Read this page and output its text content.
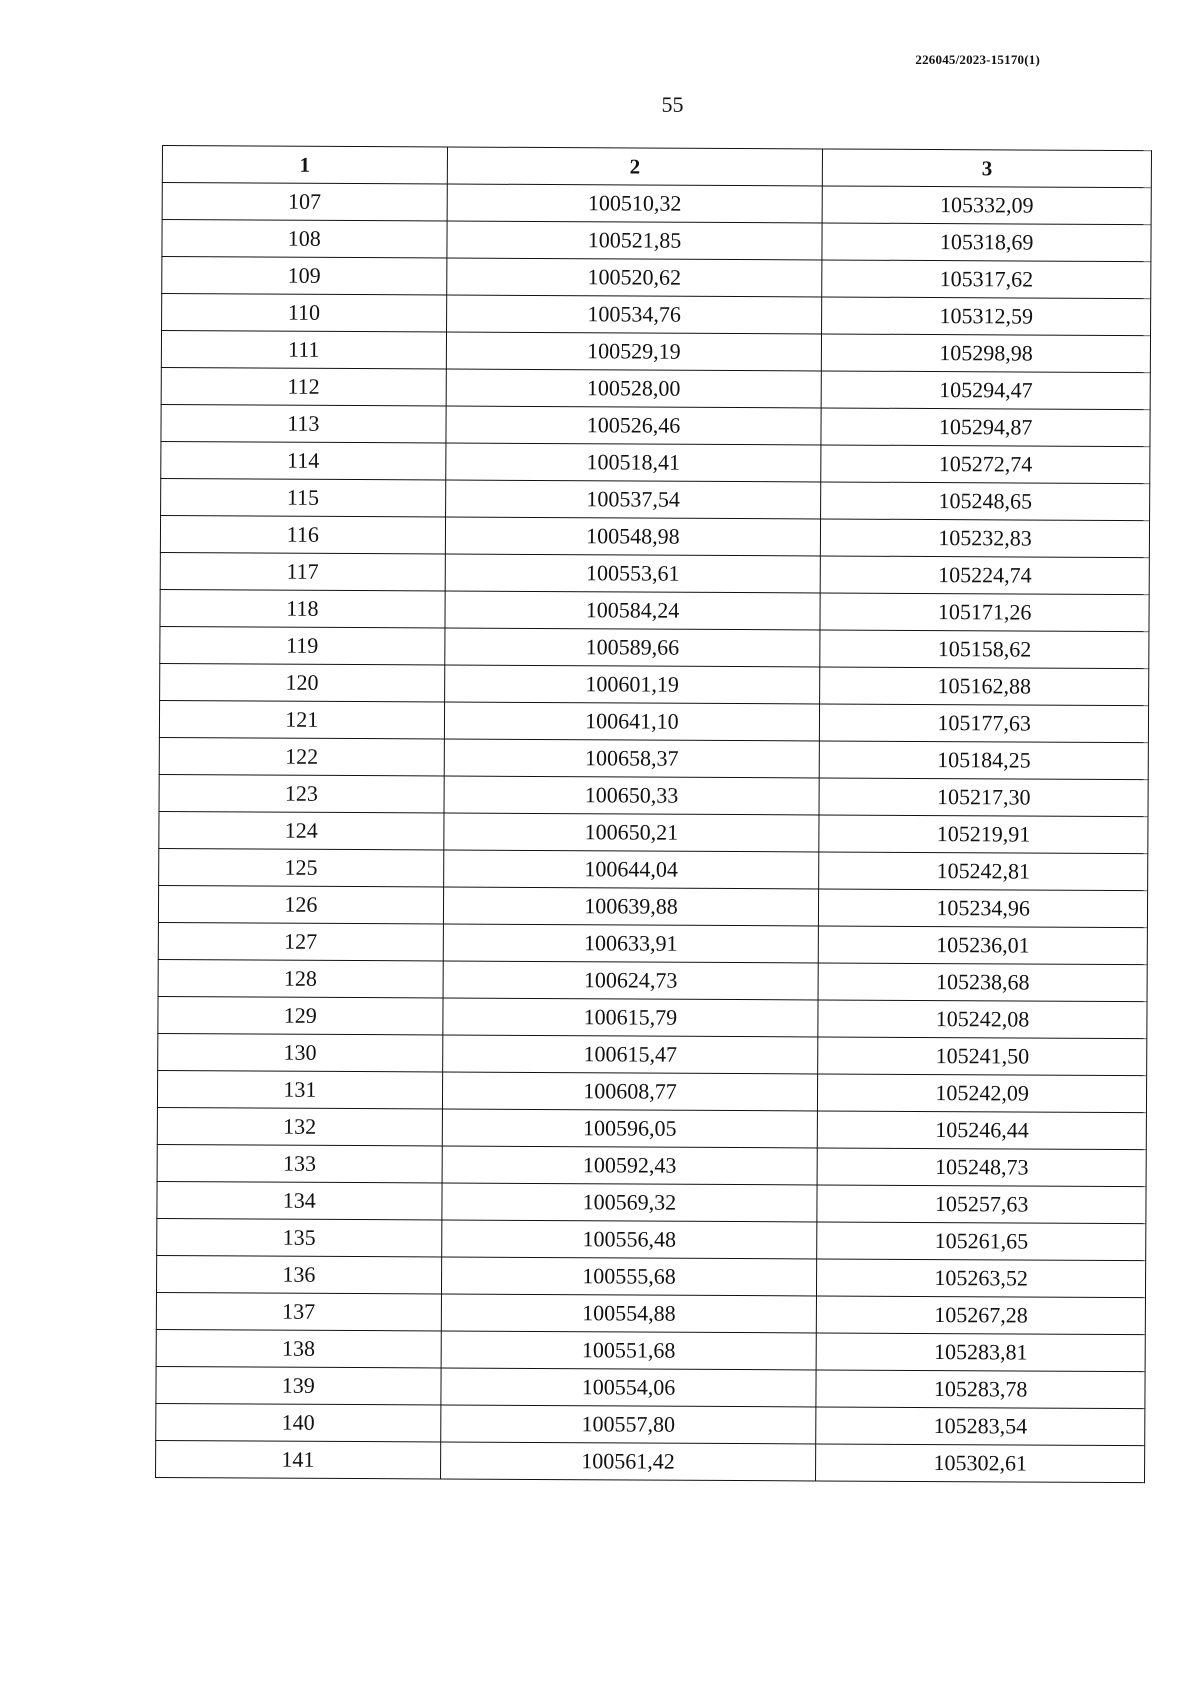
226045/2023-15170(1)
55
1	2	3
107	100510,32	105332,09
108	100521,85	105318,69
109	100520,62	105317,62
110	100534,76	105312,59
111	100529,19	105298,98
112	100528,00	105294,47
113	100526,46	105294,87
114	100518,41	105272,74
115	100537,54	105248,65
116	100548,98	105232,83
117	100553,61	105224,74
118	100584,24	105171,26
119	100589,66	105158,62
120	100601,19	105162,88
121	100641,10	105177,63
122	100658,37	105184,25
123	100650,33	105217,30
124	100650,21	105219,91
125	100644,04	105242,81
126	100639,88	105234,96
127	100633,91	105236,01
128	100624,73	105238,68
129	100615,79	105242,08
130	100615,47	105241,50
131	100608,77	105242,09
132	100596,05	105246,44
133	100592,43	105248,73
134	100569,32	105257,63
135	100556,48	105261,65
136	100555,68	105263,52
137	100554,88	105267,28
138	100551,68	105283,81
139	100554,06	105283,78
140	100557,80	105283,54
141	100561,42	105302,61
